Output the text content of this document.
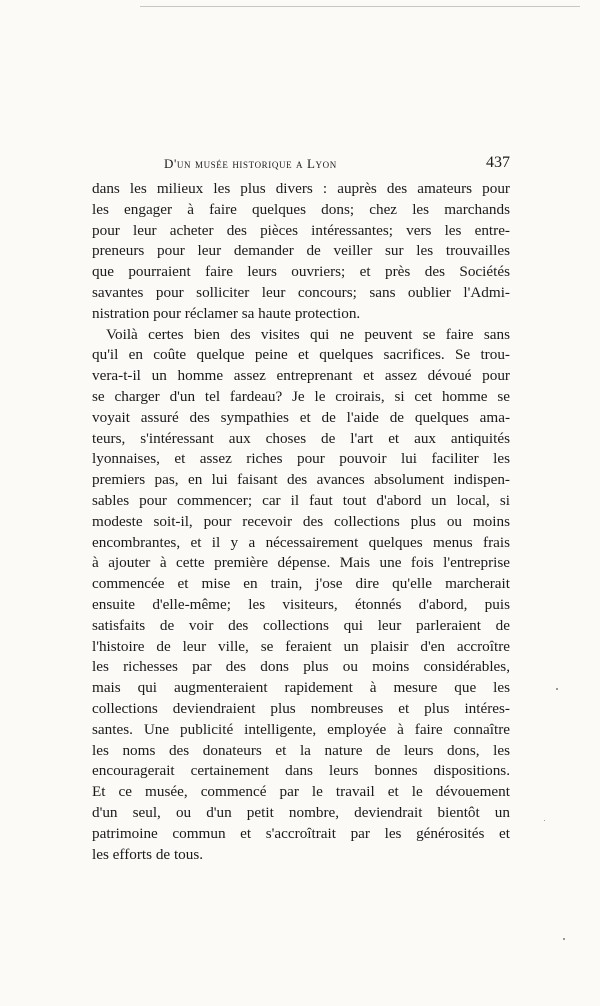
D'un musée historique a Lyon	437

dans les milieux les plus divers : auprès des amateurs pour
les engager à faire quelques dons; chez les marchands
pour leur acheter des pièces intéressantes; vers les entre-
preneurs pour leur demander de veiller sur les trouvailles
que pourraient faire leurs ouvriers; et près des Sociétés
savantes pour solliciter leur concours; sans oublier l'Admi-
nistration pour réclamer sa haute protection.

Voilà certes bien des visites qui ne peuvent se faire sans
qu'il en coûte quelque peine et quelques sacrifices. Se trou-
vera-t-il un homme assez entreprenant et assez dévoué pour
se charger d'un tel fardeau? Je le croirais, si cet homme se
voyait assuré des sympathies et de l'aide de quelques ama-
teurs, s'intéressant aux choses de l'art et aux antiquités
lyonnaises, et assez riches pour pouvoir lui faciliter les
premiers pas, en lui faisant des avances absolument indispen-
sables pour commencer; car il faut tout d'abord un local, si
modeste soit-il, pour recevoir des collections plus ou moins
encombrantes, et il y a nécessairement quelques menus frais
à ajouter à cette première dépense. Mais une fois l'entreprise
commencée et mise en train, j'ose dire qu'elle marcherait
ensuite d'elle-même; les visiteurs, étonnés d'abord, puis
satisfaits de voir des collections qui leur parleraient de
l'histoire de leur ville, se feraient un plaisir d'en accroître
les richesses par des dons plus ou moins considérables,
mais qui augmenteraient rapidement à mesure que les
collections deviendraient plus nombreuses et plus intéres-
santes. Une publicité intelligente, employée à faire connaître
les noms des donateurs et la nature de leurs dons, les
encouragerait certainement dans leurs bonnes dispositions.
Et ce musée, commencé par le travail et le dévouement
d'un seul, ou d'un petit nombre, deviendrait bientôt un
patrimoine commun et s'accroîtrait par les générosités et
les efforts de tous.
